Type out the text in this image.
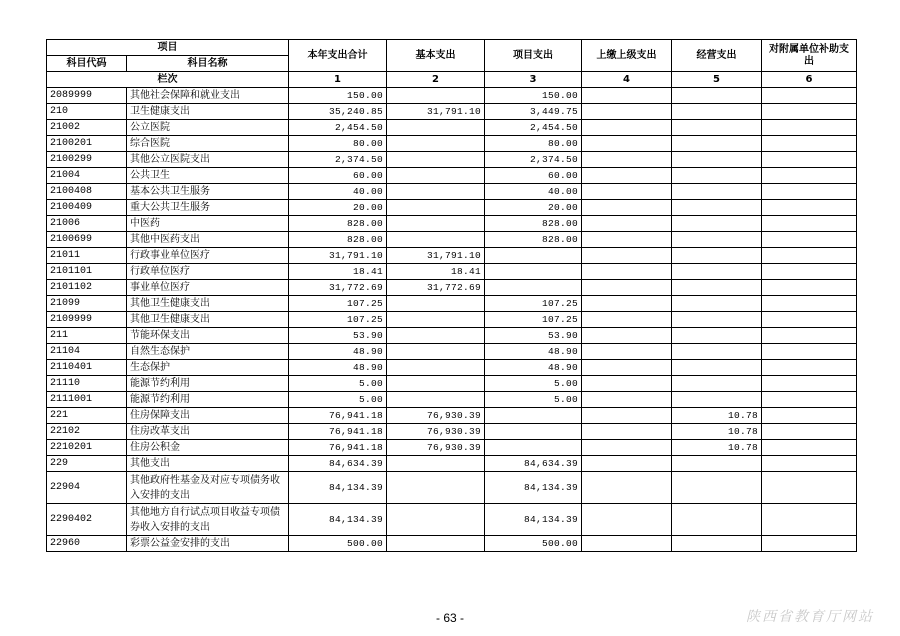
项目		本年支出合计	基本支出	项目支出	上缴上级支出	经营支出	对附属单位补助支出
科目代码	科目名称						
栏次		1	2	3	4	5	6
2089999	其他社会保障和就业支出	150.00		150.00			
210	卫生健康支出	35,240.85	31,791.10	3,449.75			
21002	公立医院	2,454.50		2,454.50			
2100201	综合医院	80.00		80.00			
2100299	其他公立医院支出	2,374.50		2,374.50			
21004	公共卫生	60.00		60.00			
2100408	基本公共卫生服务	40.00		40.00			
2100409	重大公共卫生服务	20.00		20.00			
21006	中医药	828.00		828.00			
2100699	其他中医药支出	828.00		828.00			
21011	行政事业单位医疗	31,791.10	31,791.10				
2101101	行政单位医疗	18.41	18.41				
2101102	事业单位医疗	31,772.69	31,772.69				
21099	其他卫生健康支出	107.25		107.25			
2109999	其他卫生健康支出	107.25		107.25			
211	节能环保支出	53.90		53.90			
21104	自然生态保护	48.90		48.90			
2110401	生态保护	48.90		48.90			
21110	能源节约利用	5.00		5.00			
2111001	能源节约利用	5.00		5.00			
221	住房保障支出	76,941.18	76,930.39			10.78	
22102	住房改革支出	76,941.18	76,930.39			10.78	
2210201	住房公积金	76,941.18	76,930.39			10.78	
229	其他支出	84,634.39		84,634.39			
22904	其他政府性基金及对应专项债务收入安排的支出	84,134.39		84,134.39			
2290402	其他地方自行试点项目收益专项债券收入安排的支出	84,134.39		84,134.39			
22960	彩票公益金安排的支出	500.00		500.00			
- 63 -	陕西省教育厅网站
